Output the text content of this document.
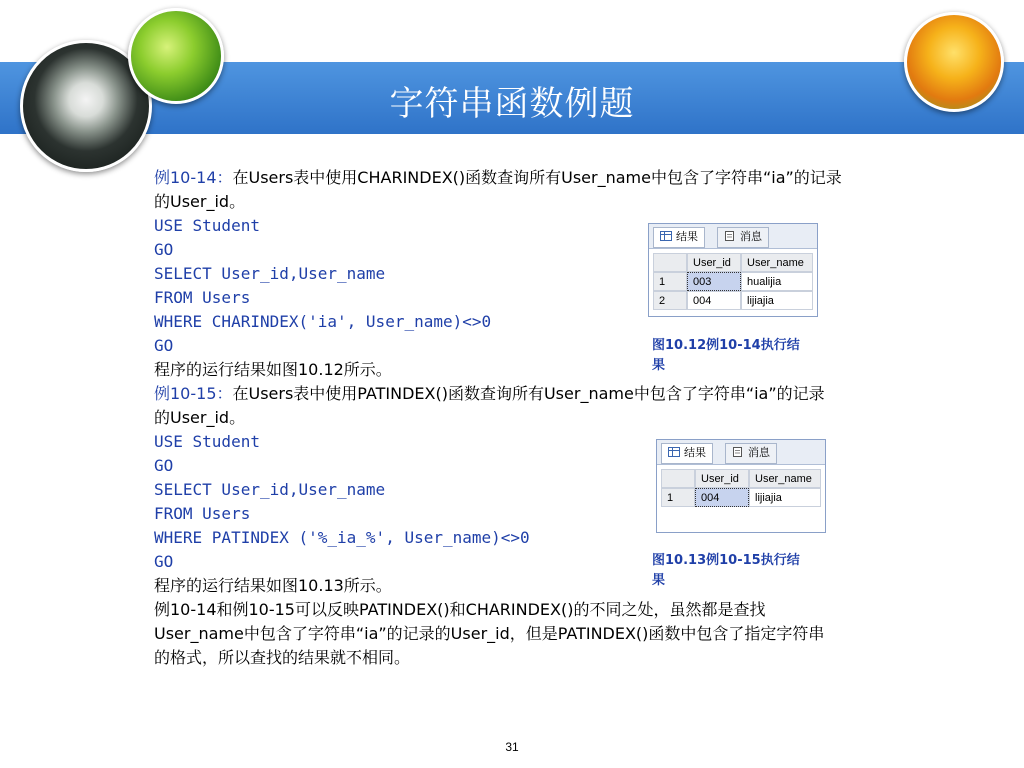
字符串函数例题
例10-14：在Users表中使用CHARINDEX()函数查询所有User_name中包含了字符串“ia”的记录
的User_id。
USE Student
GO
SELECT User_id,User_name
FROM Users
WHERE CHARINDEX('ia', User_name)<>0
GO
程序的运行结果如图10.12所示。
例10-15：在Users表中使用PATINDEX()函数查询所有User_name中包含了字符串“ia”的记录
的User_id。
USE Student
GO
SELECT User_id,User_name
FROM Users
WHERE PATINDEX ('%_ia_%', User_name)<>0
GO
程序的运行结果如图10.13所示。
例10-14和例10-15可以反映PATINDEX()和CHARINDEX()的不同之处，虽然都是查找
User_name中包含了字符串“ia”的记录的User_id，但是PATINDEX()函数中包含了指定字符串
的格式，所以查找的结果就不相同。
结果	消息
User_id	User_name
1	003	hualijia
2	004	lijiajia
图10.12例10-14执行结
果
结果	消息
User_id	User_name
1	004	lijiajia
图10.13例10-15执行结
果
31
